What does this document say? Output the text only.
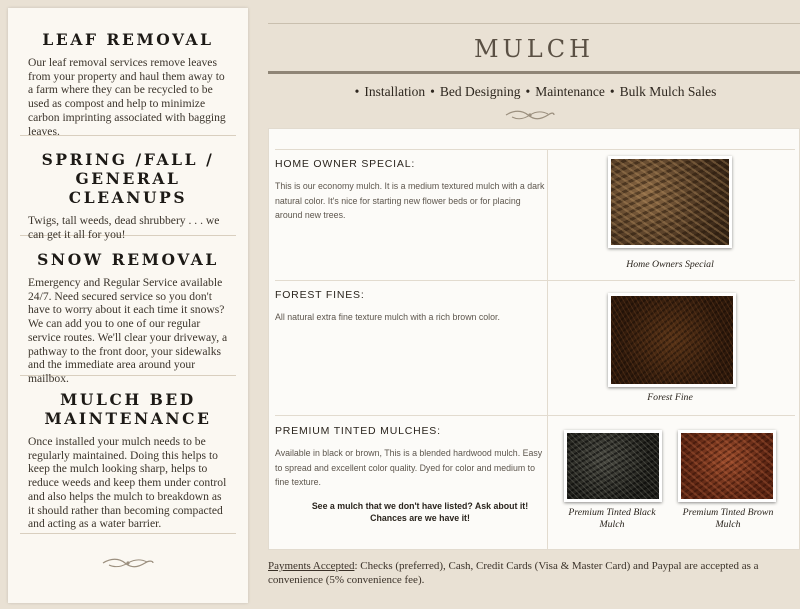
LEAF REMOVAL

Our leaf removal services remove leaves from your property and haul them away to a farm where they can be recycled to be used as compost and help to minimize carbon imprinting associated with bagging leaves.

SPRING /FALL / GENERAL CLEANUPS

Twigs, tall weeds, dead shrubbery . . . we can get it all for you!

SNOW REMOVAL

Emergency and Regular Service available 24/7. Need secured service so you don't have to worry about it each time it snows? We can add you to one of our regular service routes. We'll clear your driveway, a pathway to the front door, your sidewalks and the immediate area around your mailbox.

MULCH BED MAINTENANCE

Once installed your mulch needs to be regularly maintained. Doing this helps to keep the mulch looking sharp, helps to reduce weeds and keep them under control and also helps the mulch to breakdown as it should rather than becoming compacted and acting as a water barrier.

MULCH
• Installation • Bed Designing • Maintenance • Bulk Mulch Sales
HOME OWNER SPECIAL:

This is our economy mulch. It is a medium textured mulch with a dark natural color. It's nice for starting new flower beds or for placing around new trees.

Home Owners Special
FOREST FINES:

All natural extra fine texture mulch with a rich brown color.

Forest Fine
PREMIUM TINTED MULCHES:

Available in black or brown, This is a blended hardwood mulch. Easy to spread and excellent color quality. Dyed for color and medium to fine texture.

See a mulch that we don't have listed? Ask about it! Chances are we have it!	Premium Tinted Black Mulch
Premium Tinted Brown Mulch
Payments Accepted: Checks (preferred), Cash, Credit Cards (Visa & Master Card) and Paypal are accepted as a convenience (5% convenience fee).
